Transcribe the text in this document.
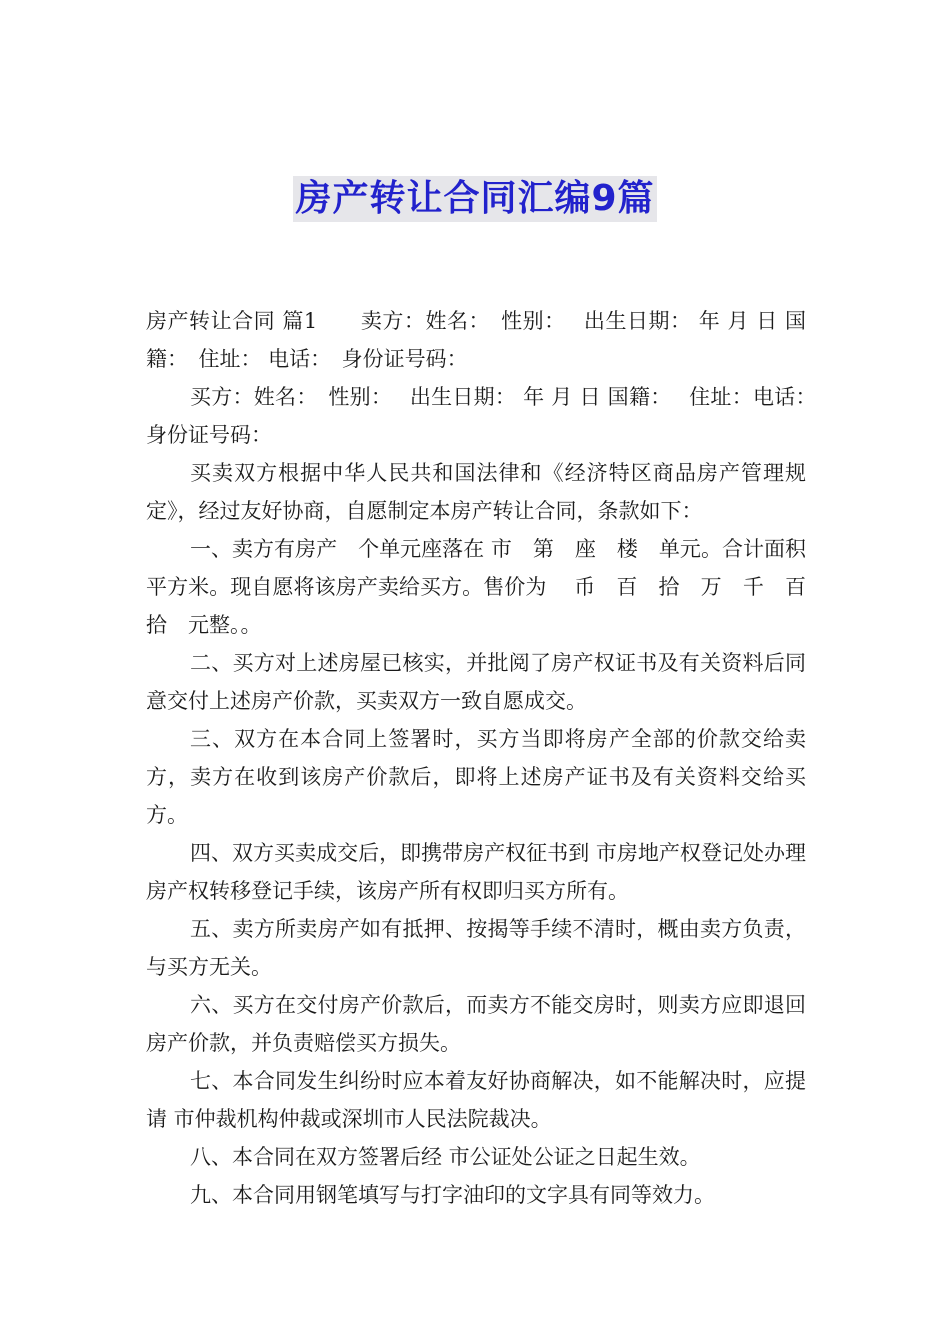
房产转让合同汇编9篇

房产转让合同 篇1　　卖方：姓名：　性别：　 出生日期： 年 月 日 国籍：　住址： 电话：　身份证号码：

买方：姓名：　性别：　 出生日期： 年 月 日 国籍：　 住址：电话：　身份证号码：

买卖双方根据中华人民共和国法律和《经济特区商品房产管理规定》，经过友好协商，自愿制定本房产转让合同，条款如下：

一、卖方有房产　个单元座落在 市　第　座　楼　单元。合计面积　平方米。现自愿将该房产卖给买方。售价为　 币　百　拾　万　千　百　拾　元整。。

二、买方对上述房屋已核实，并批阅了房产权证书及有关资料后同意交付上述房产价款，买卖双方一致自愿成交。

三、双方在本合同上签署时，买方当即将房产全部的价款交给卖方，卖方在收到该房产价款后，即将上述房产证书及有关资料交给买方。

四、双方买卖成交后，即携带房产权征书到 市房地产权登记处办理房产权转移登记手续，该房产所有权即归买方所有。

五、卖方所卖房产如有抵押、按揭等手续不清时，概由卖方负责，与买方无关。

六、买方在交付房产价款后，而卖方不能交房时，则卖方应即退回房产价款，并负责赔偿买方损失。

七、本合同发生纠纷时应本着友好协商解决，如不能解决时，应提请 市仲裁机构仲裁或深圳市人民法院裁决。

八、本合同在双方签署后经 市公证处公证之日起生效。

九、本合同用钢笔填写与打字油印的文字具有同等效力。
